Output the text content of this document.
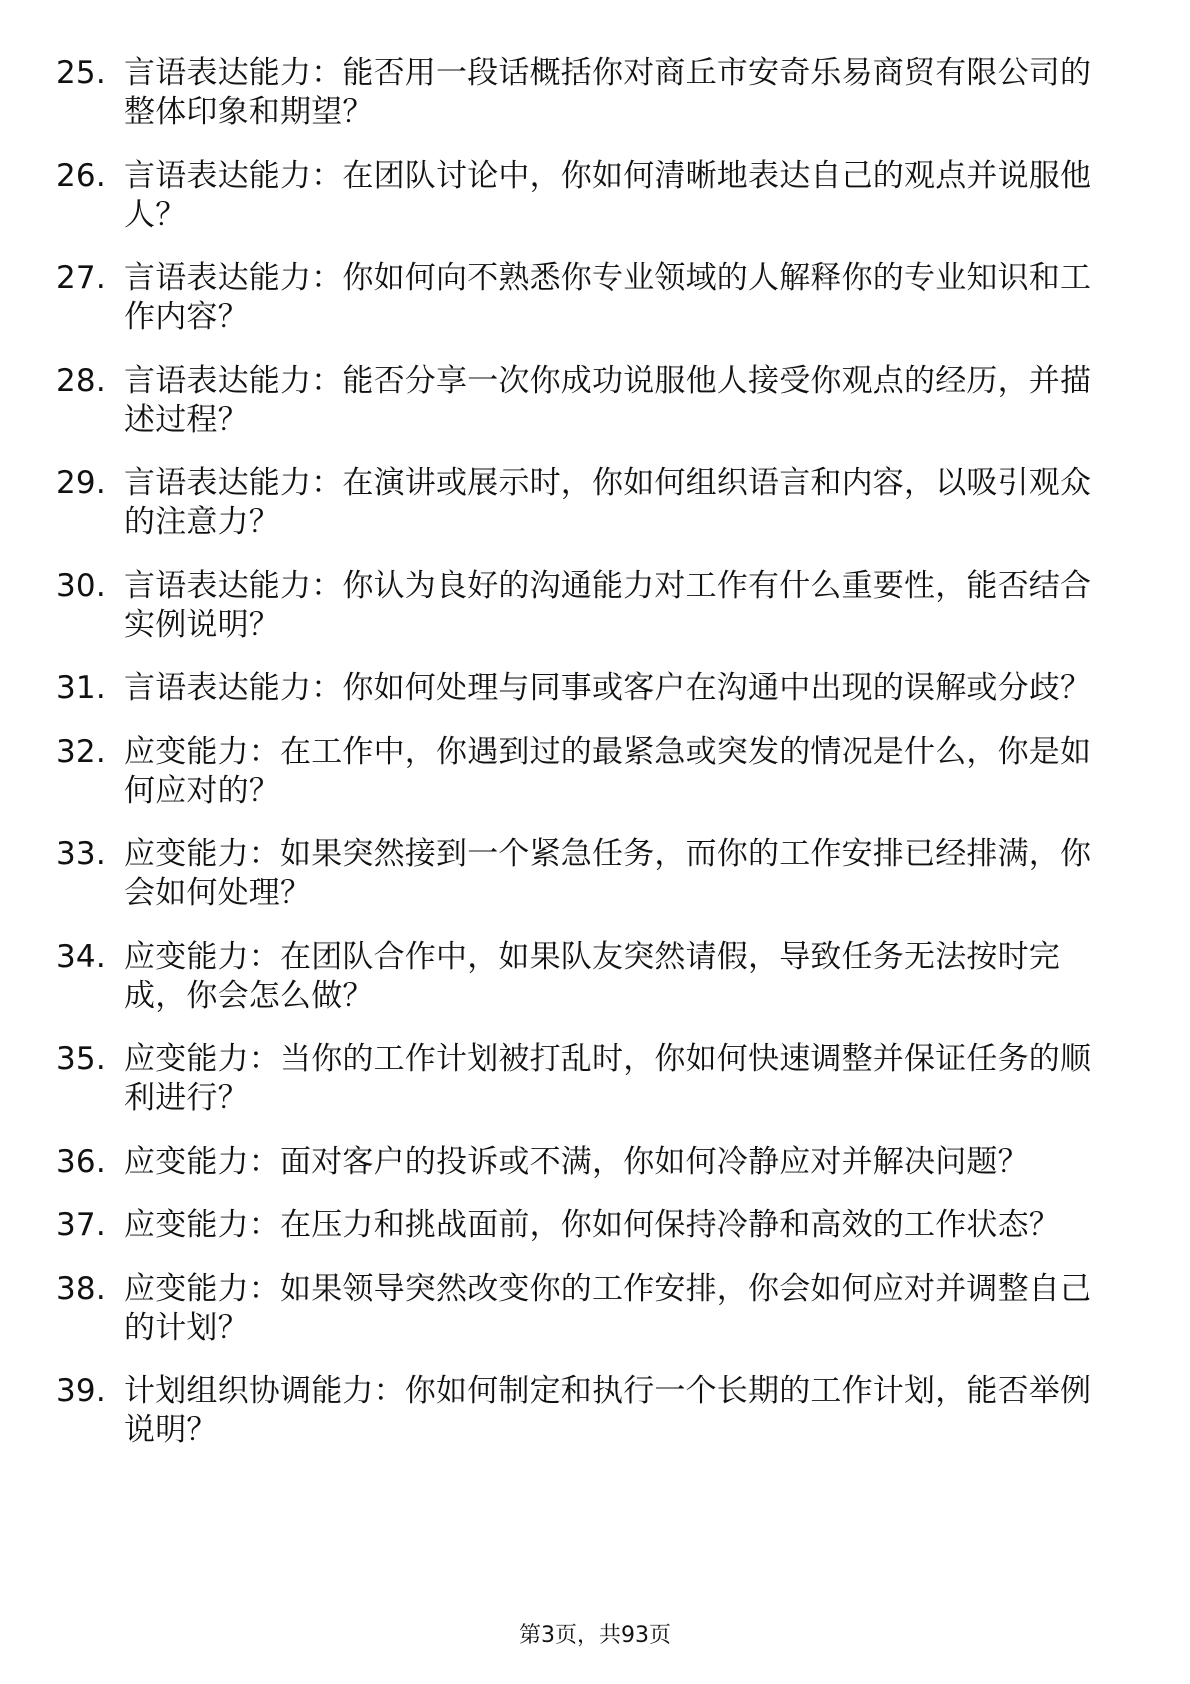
25. 言语表达能力：能否用一段话概括你对商丘市安奇乐易商贸有限公司的整体印象和期望？
26. 言语表达能力：在团队讨论中，你如何清晰地表达自己的观点并说服他人？
27. 言语表达能力：你如何向不熟悉你专业领域的人解释你的专业知识和工作内容？
28. 言语表达能力：能否分享一次你成功说服他人接受你观点的经历，并描述过程？
29. 言语表达能力：在演讲或展示时，你如何组织语言和内容，以吸引观众的注意力？
30. 言语表达能力：你认为良好的沟通能力对工作有什么重要性，能否结合实例说明？
31. 言语表达能力：你如何处理与同事或客户在沟通中出现的误解或分歧？
32. 应变能力：在工作中，你遇到过的最紧急或突发的情况是什么，你是如何应对的？
33. 应变能力：如果突然接到一个紧急任务，而你的工作安排已经排满，你会如何处理？
34. 应变能力：在团队合作中，如果队友突然请假，导致任务无法按时完成，你会怎么做？
35. 应变能力：当你的工作计划被打乱时，你如何快速调整并保证任务的顺利进行？
36. 应变能力：面对客户的投诉或不满，你如何冷静应对并解决问题？
37. 应变能力：在压力和挑战面前，你如何保持冷静和高效的工作状态？
38. 应变能力：如果领导突然改变你的工作安排，你会如何应对并调整自己的计划？
39. 计划组织协调能力：你如何制定和执行一个长期的工作计划，能否举例说明？
第3页，共93页
